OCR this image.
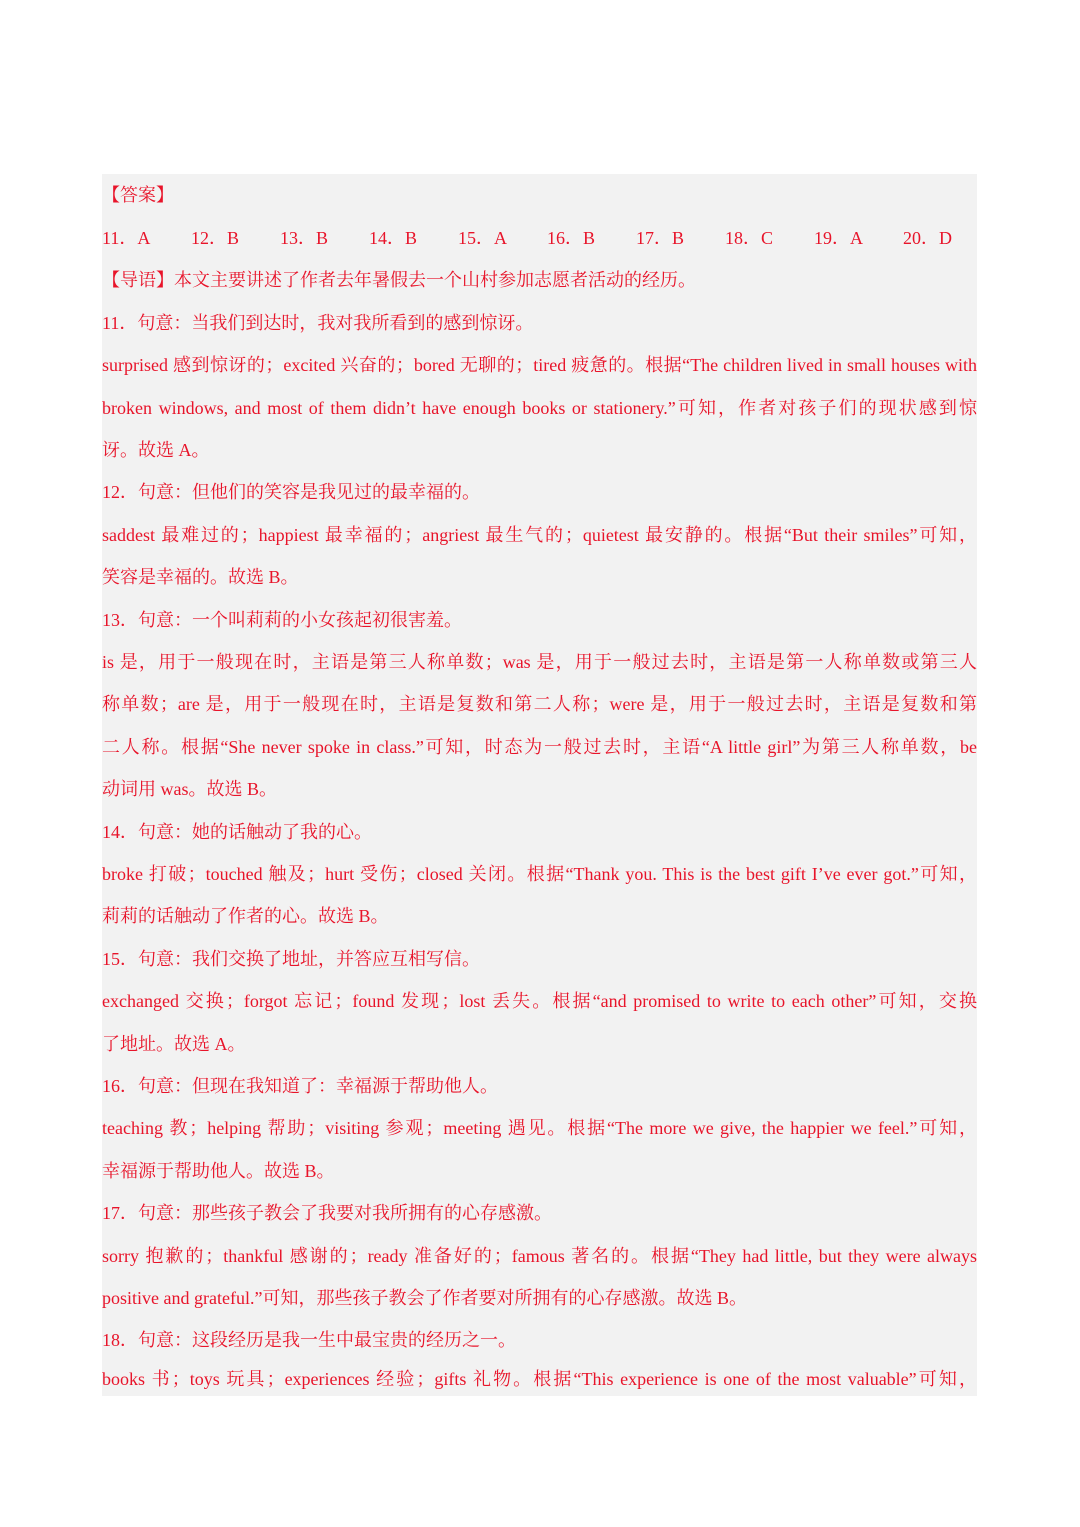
【答案】
11．A 12．B 13．B 14．B 15．A 16．B 17．B 18．C 19．A 20．D
【导语】本文主要讲述了作者去年暑假去一个山村参加志愿者活动的经历。
11．句意：当我们到达时，我对我所看到的感到惊讶。
surprised 感到惊讶的；excited 兴奋的；bored 无聊的；tired 疲惫的。根据“The children lived in small houses with
broken windows, and most of them didn’t have enough books or stationery.”可知，作者对孩子们的现状感到惊
讶。故选 A。
12．句意：但他们的笑容是我见过的最幸福的。
saddest 最难过的；happiest 最幸福的；angriest 最生气的；quietest 最安静的。根据“But their smiles”可知，
笑容是幸福的。故选 B。
13．句意：一个叫莉莉的小女孩起初很害羞。
is 是，用于一般现在时，主语是第三人称单数；was 是，用于一般过去时，主语是第一人称单数或第三人
称单数；are 是，用于一般现在时，主语是复数和第二人称；were 是，用于一般过去时，主语是复数和第
二人称。根据“She never spoke in class.”可知，时态为一般过去时，主语“A little girl”为第三人称单数，be
动词用 was。故选 B。
14．句意：她的话触动了我的心。
broke 打破；touched 触及；hurt 受伤；closed 关闭。根据“Thank you. This is the best gift I’ve ever got.”可知，
莉莉的话触动了作者的心。故选 B。
15．句意：我们交换了地址，并答应互相写信。
exchanged 交换；forgot 忘记；found 发现；lost 丢失。根据“and promised to write to each other”可知，交换
了地址。故选 A。
16．句意：但现在我知道了：幸福源于帮助他人。
teaching 教；helping 帮助；visiting 参观；meeting 遇见。根据“The more we give, the happier we feel.”可知，
幸福源于帮助他人。故选 B。
17．句意：那些孩子教会了我要对我所拥有的心存感激。
sorry 抱歉的；thankful 感谢的；ready 准备好的；famous 著名的。根据“They had little, but they were always
positive and grateful.”可知，那些孩子教会了作者要对所拥有的心存感激。故选 B。
18．句意：这段经历是我一生中最宝贵的经历之一。
books 书；toys 玩具；experiences 经验；gifts 礼物。根据“This experience is one of the most valuable”可知，
